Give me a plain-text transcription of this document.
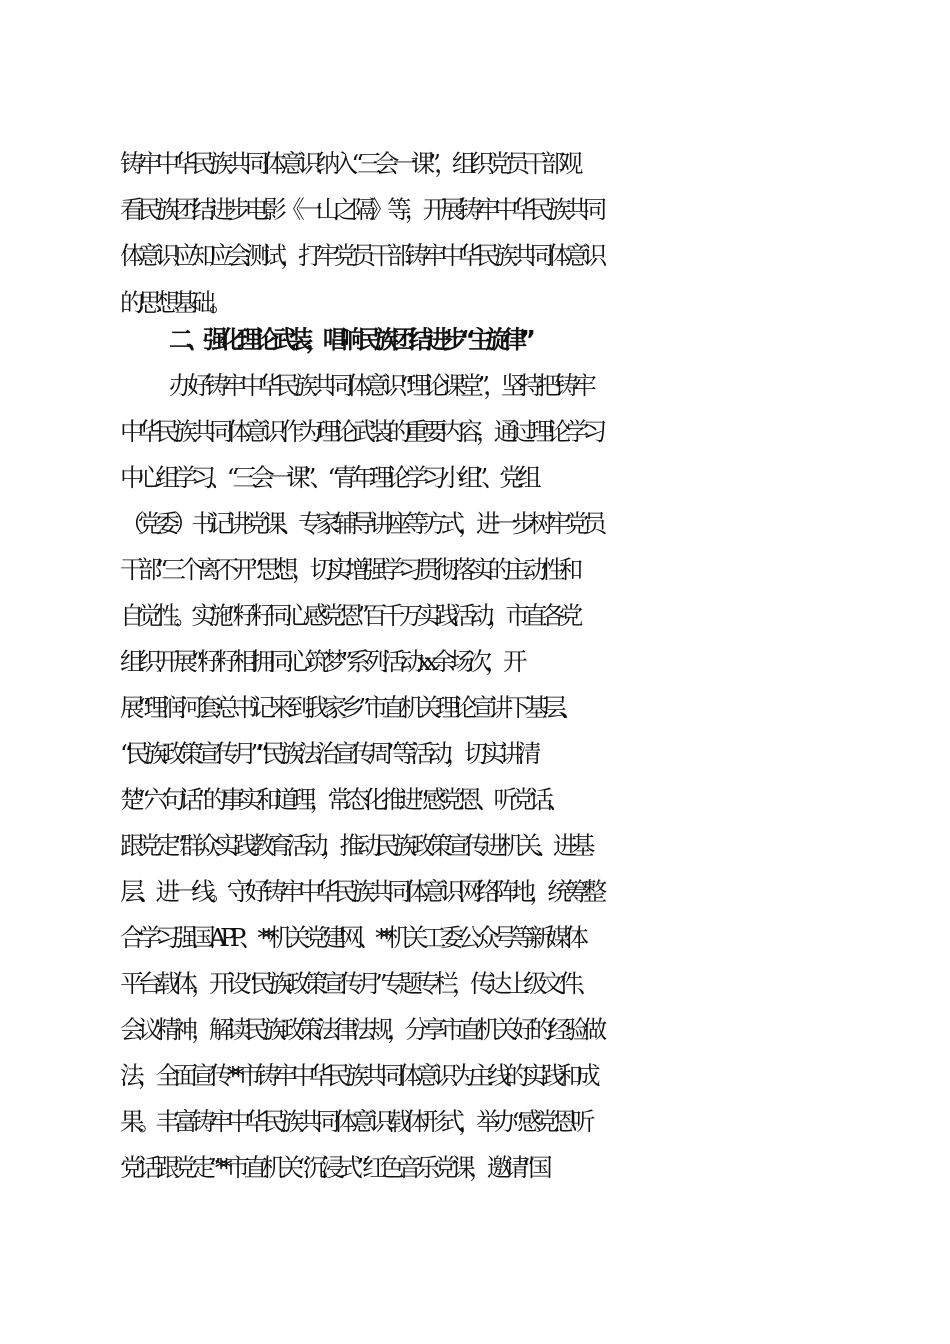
铸牢中华民族共同体意识纳入“三会一课”，组织党员干部观
看民族团结进步电影《一山之隔》等，开展铸牢中华民族共同
体意识应知应会测试，打牢党员干部铸牢中华民族共同体意识
的思想基础。
二、强化理论武装，唱响民族团结进步“主旋律”
办好铸牢中华民族共同体意识“理论课堂”，坚持把铸牢
中华民族共同体意识作为理论武装的重要内容，通过理论学习
中心组学习、“三会一课”、“青年理论学习小组”、党组
（党委）书记讲党课、专家辅导讲座等方式，进一步树牢党员
干部“三个离不开”思想，切实增强学习贯彻落实的主动性和
自觉性。实施“籽籽同心感党恩”百千万实践活动，市直各党
组织开展“籽籽相拥·同心筑梦”系列活动xx余场次，开
展“理润河套·总书记来到我家乡”市直机关理论宣讲下基层、
“民族政策宣传月”“民族法治宣传周”等活动，切实讲清
楚“六句话”的事实和道理，常态化推进“感党恩、听党话、
跟党走”群众实践教育活动，推动民族政策宣传进机关、进基
层、进一线。守好铸牢中华民族共同体意识网络阵地，统筹整
合学习强国APP、**机关党建网、**机关工委公众号等新媒体
平台载体，开设“民族政策宣传月”专题专栏，传达上级文件、
会议精神，解读民族政策法律法规，分享市直机关好的经验做
法，全面宣传**市铸牢中华民族共同体意识为主线的实践和成
果。丰富铸牢中华民族共同体意识载体形式，举办“感党恩听
党话跟党走”**市直机关“沉浸式”红色音乐党课，邀请“国
